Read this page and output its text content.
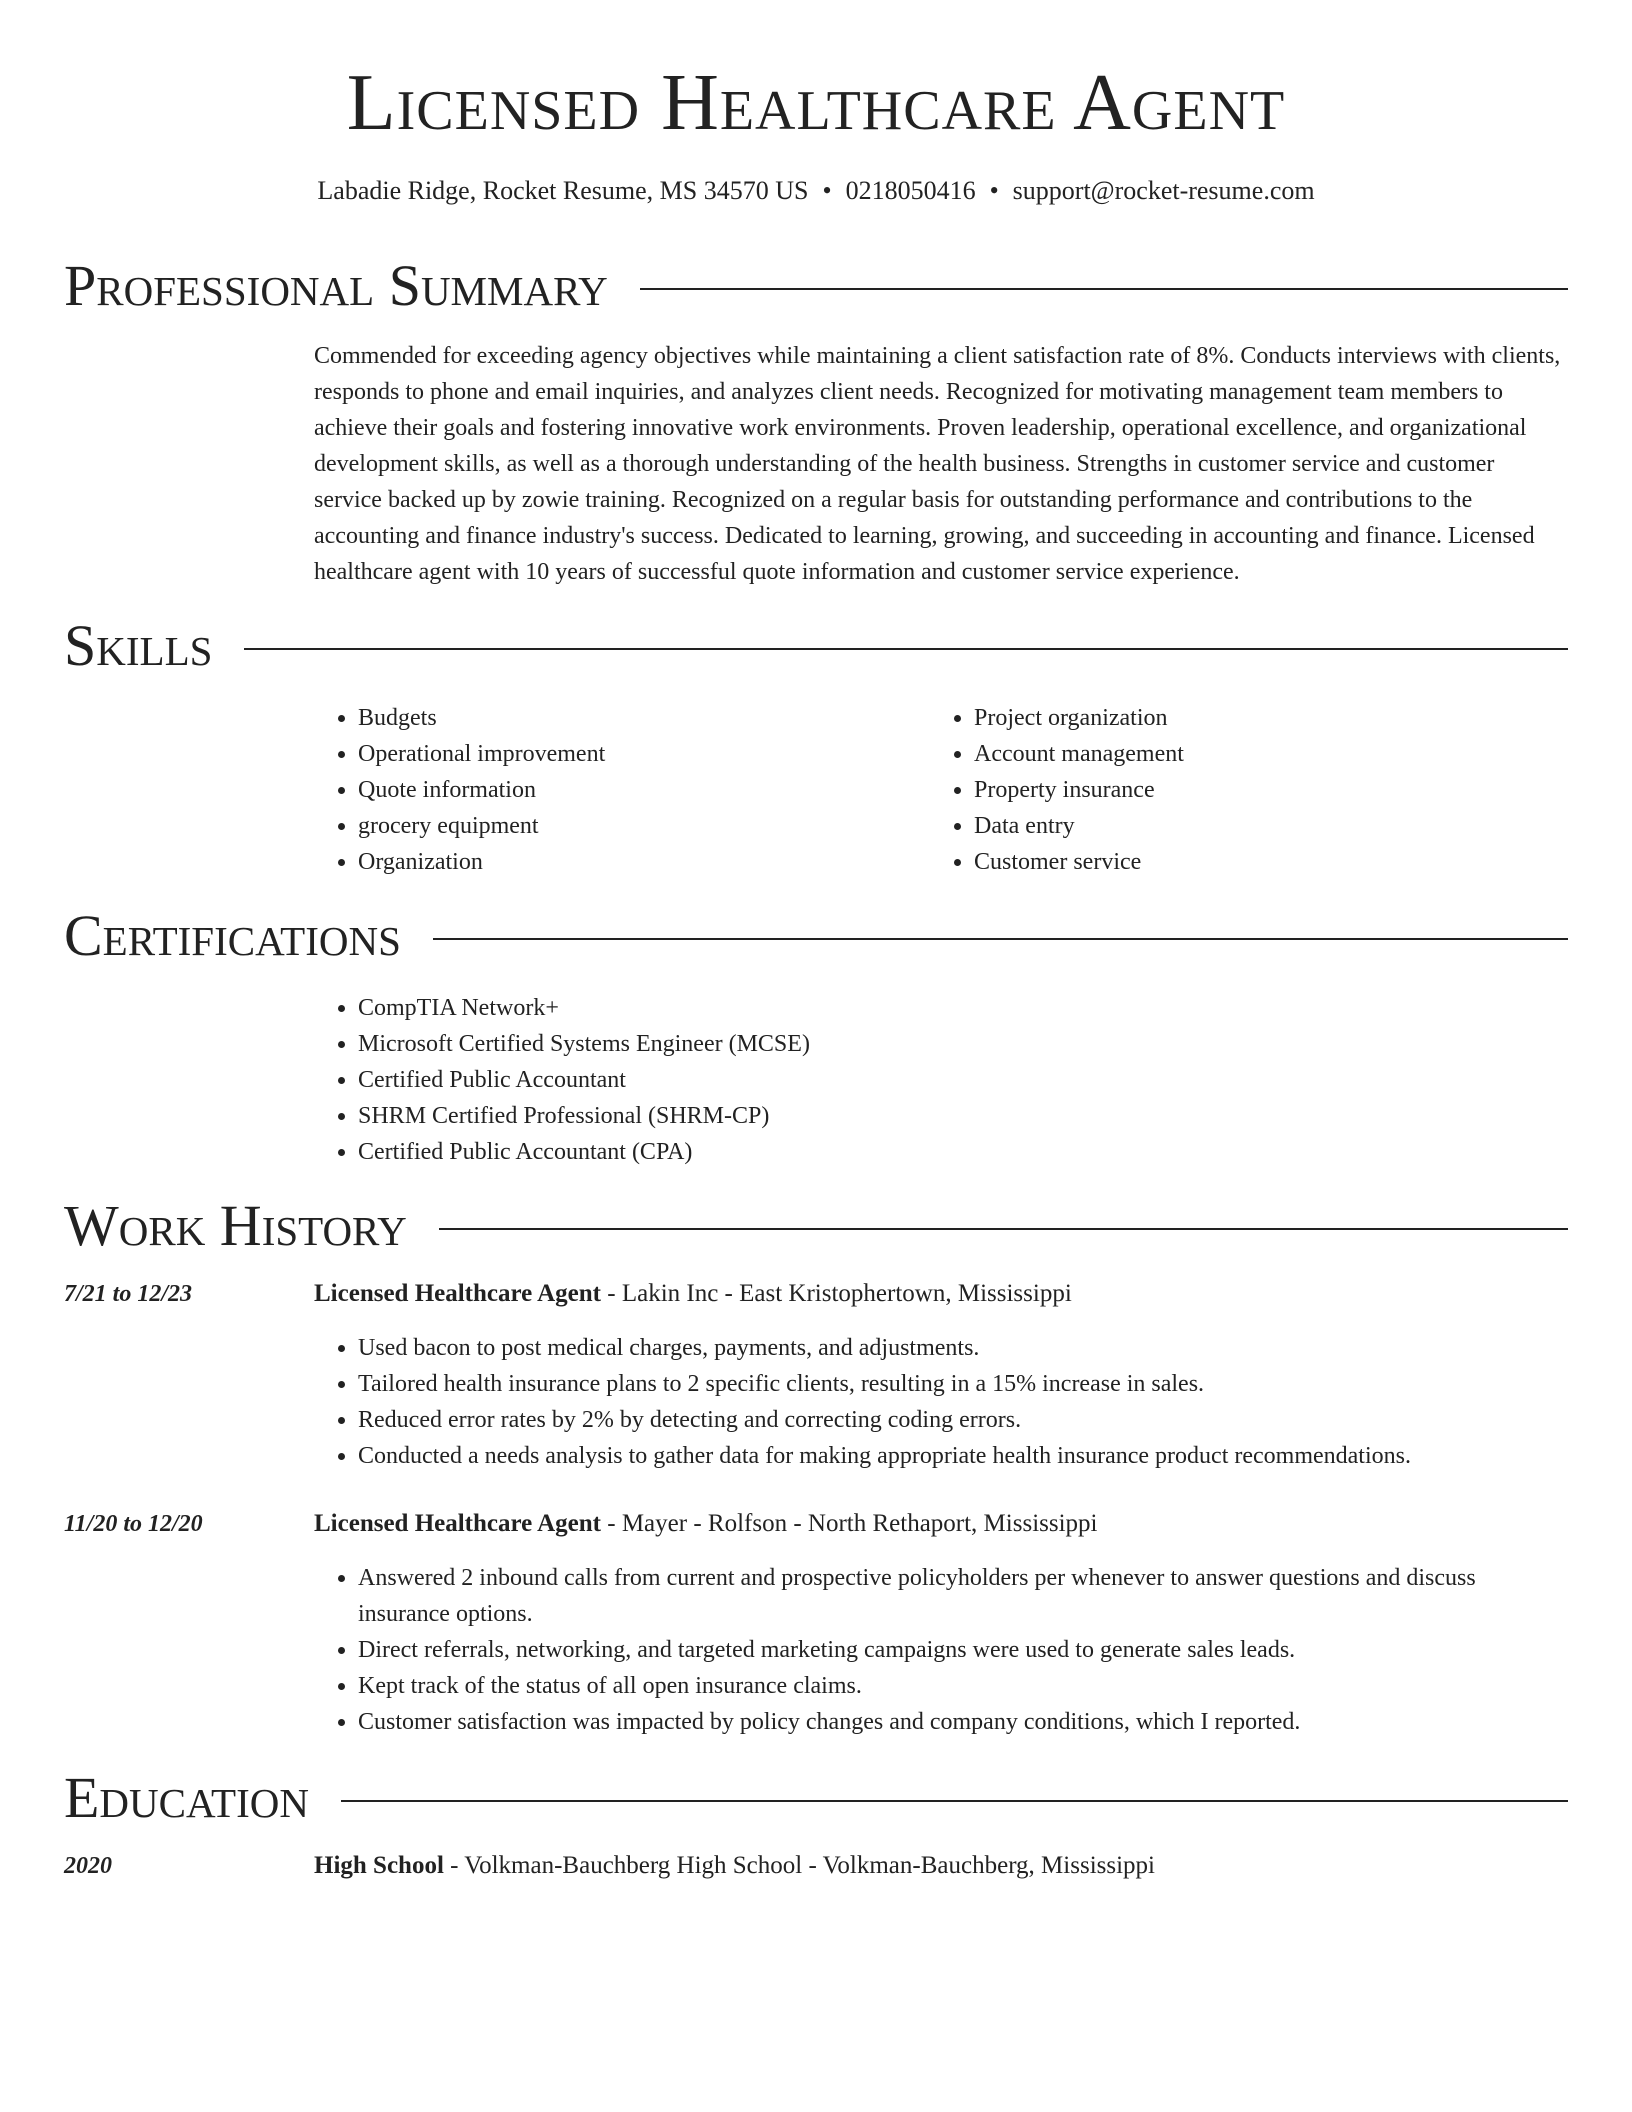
Licensed Healthcare Agent
Labadie Ridge, Rocket Resume, MS 34570 US • 0218050416 • support@rocket-resume.com
Professional Summary
Commended for exceeding agency objectives while maintaining a client satisfaction rate of 8%. Conducts interviews with clients, responds to phone and email inquiries, and analyzes client needs. Recognized for motivating management team members to achieve their goals and fostering innovative work environments. Proven leadership, operational excellence, and organizational development skills, as well as a thorough understanding of the health business. Strengths in customer service and customer service backed up by zowie training. Recognized on a regular basis for outstanding performance and contributions to the accounting and finance industry's success. Dedicated to learning, growing, and succeeding in accounting and finance. Licensed healthcare agent with 10 years of successful quote information and customer service experience.
Skills
• Budgets
• Operational improvement
• Quote information
• grocery equipment
• Organization
• Project organization
• Account management
• Property insurance
• Data entry
• Customer service
Certifications
• CompTIA Network+
• Microsoft Certified Systems Engineer (MCSE)
• Certified Public Accountant
• SHRM Certified Professional (SHRM-CP)
• Certified Public Accountant (CPA)
Work History
7/21 to 12/23	Licensed Healthcare Agent - Lakin Inc - East Kristophertown, Mississippi
• Used bacon to post medical charges, payments, and adjustments.
• Tailored health insurance plans to 2 specific clients, resulting in a 15% increase in sales.
• Reduced error rates by 2% by detecting and correcting coding errors.
• Conducted a needs analysis to gather data for making appropriate health insurance product recommendations.
11/20 to 12/20	Licensed Healthcare Agent - Mayer - Rolfson - North Rethaport, Mississippi
• Answered 2 inbound calls from current and prospective policyholders per whenever to answer questions and discuss insurance options.
• Direct referrals, networking, and targeted marketing campaigns were used to generate sales leads.
• Kept track of the status of all open insurance claims.
• Customer satisfaction was impacted by policy changes and company conditions, which I reported.
Education
2020	High School - Volkman-Bauchberg High School - Volkman-Bauchberg, Mississippi
